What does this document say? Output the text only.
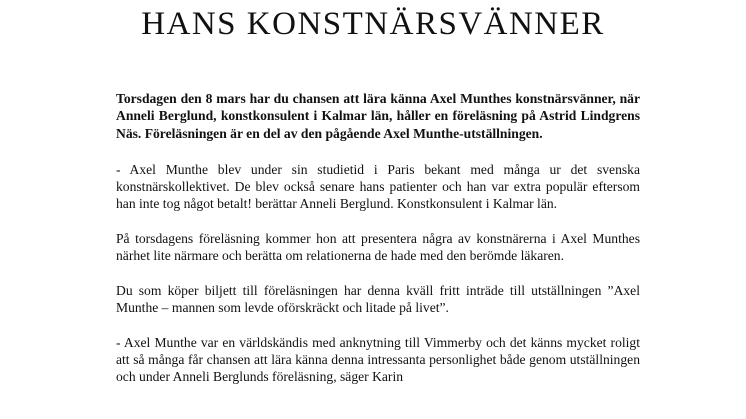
HANS KONSTNÄRSVÄNNER

Torsdagen den 8 mars har du chansen att lära känna Axel Munthes konstnärsvänner, när Anneli Berglund, konstkonsulent i Kalmar län, håller en föreläsning på Astrid Lindgrens Näs. Föreläsningen är en del av den pågående Axel Munthe-utställningen.

- Axel Munthe blev under sin studietid i Paris bekant med många ur det svenska konstnärskollektivet. De blev också senare hans patienter och han var extra populär eftersom han inte tog något betalt! berättar Anneli Berglund. Konstkonsulent i Kalmar län.

På torsdagens föreläsning kommer hon att presentera några av konstnärerna i Axel Munthes närhet lite närmare och berätta om relationerna de hade med den berömde läkaren.

Du som köper biljett till föreläsningen har denna kväll fritt inträde till utställningen ”Axel Munthe – mannen som levde oförskräckt och litade på livet”.

- Axel Munthe var en världskändis med anknytning till Vimmerby och det känns mycket roligt att så många får chansen att lära känna denna intressanta personlighet både genom utställningen och under Anneli Berglunds föreläsning, säger Karin
